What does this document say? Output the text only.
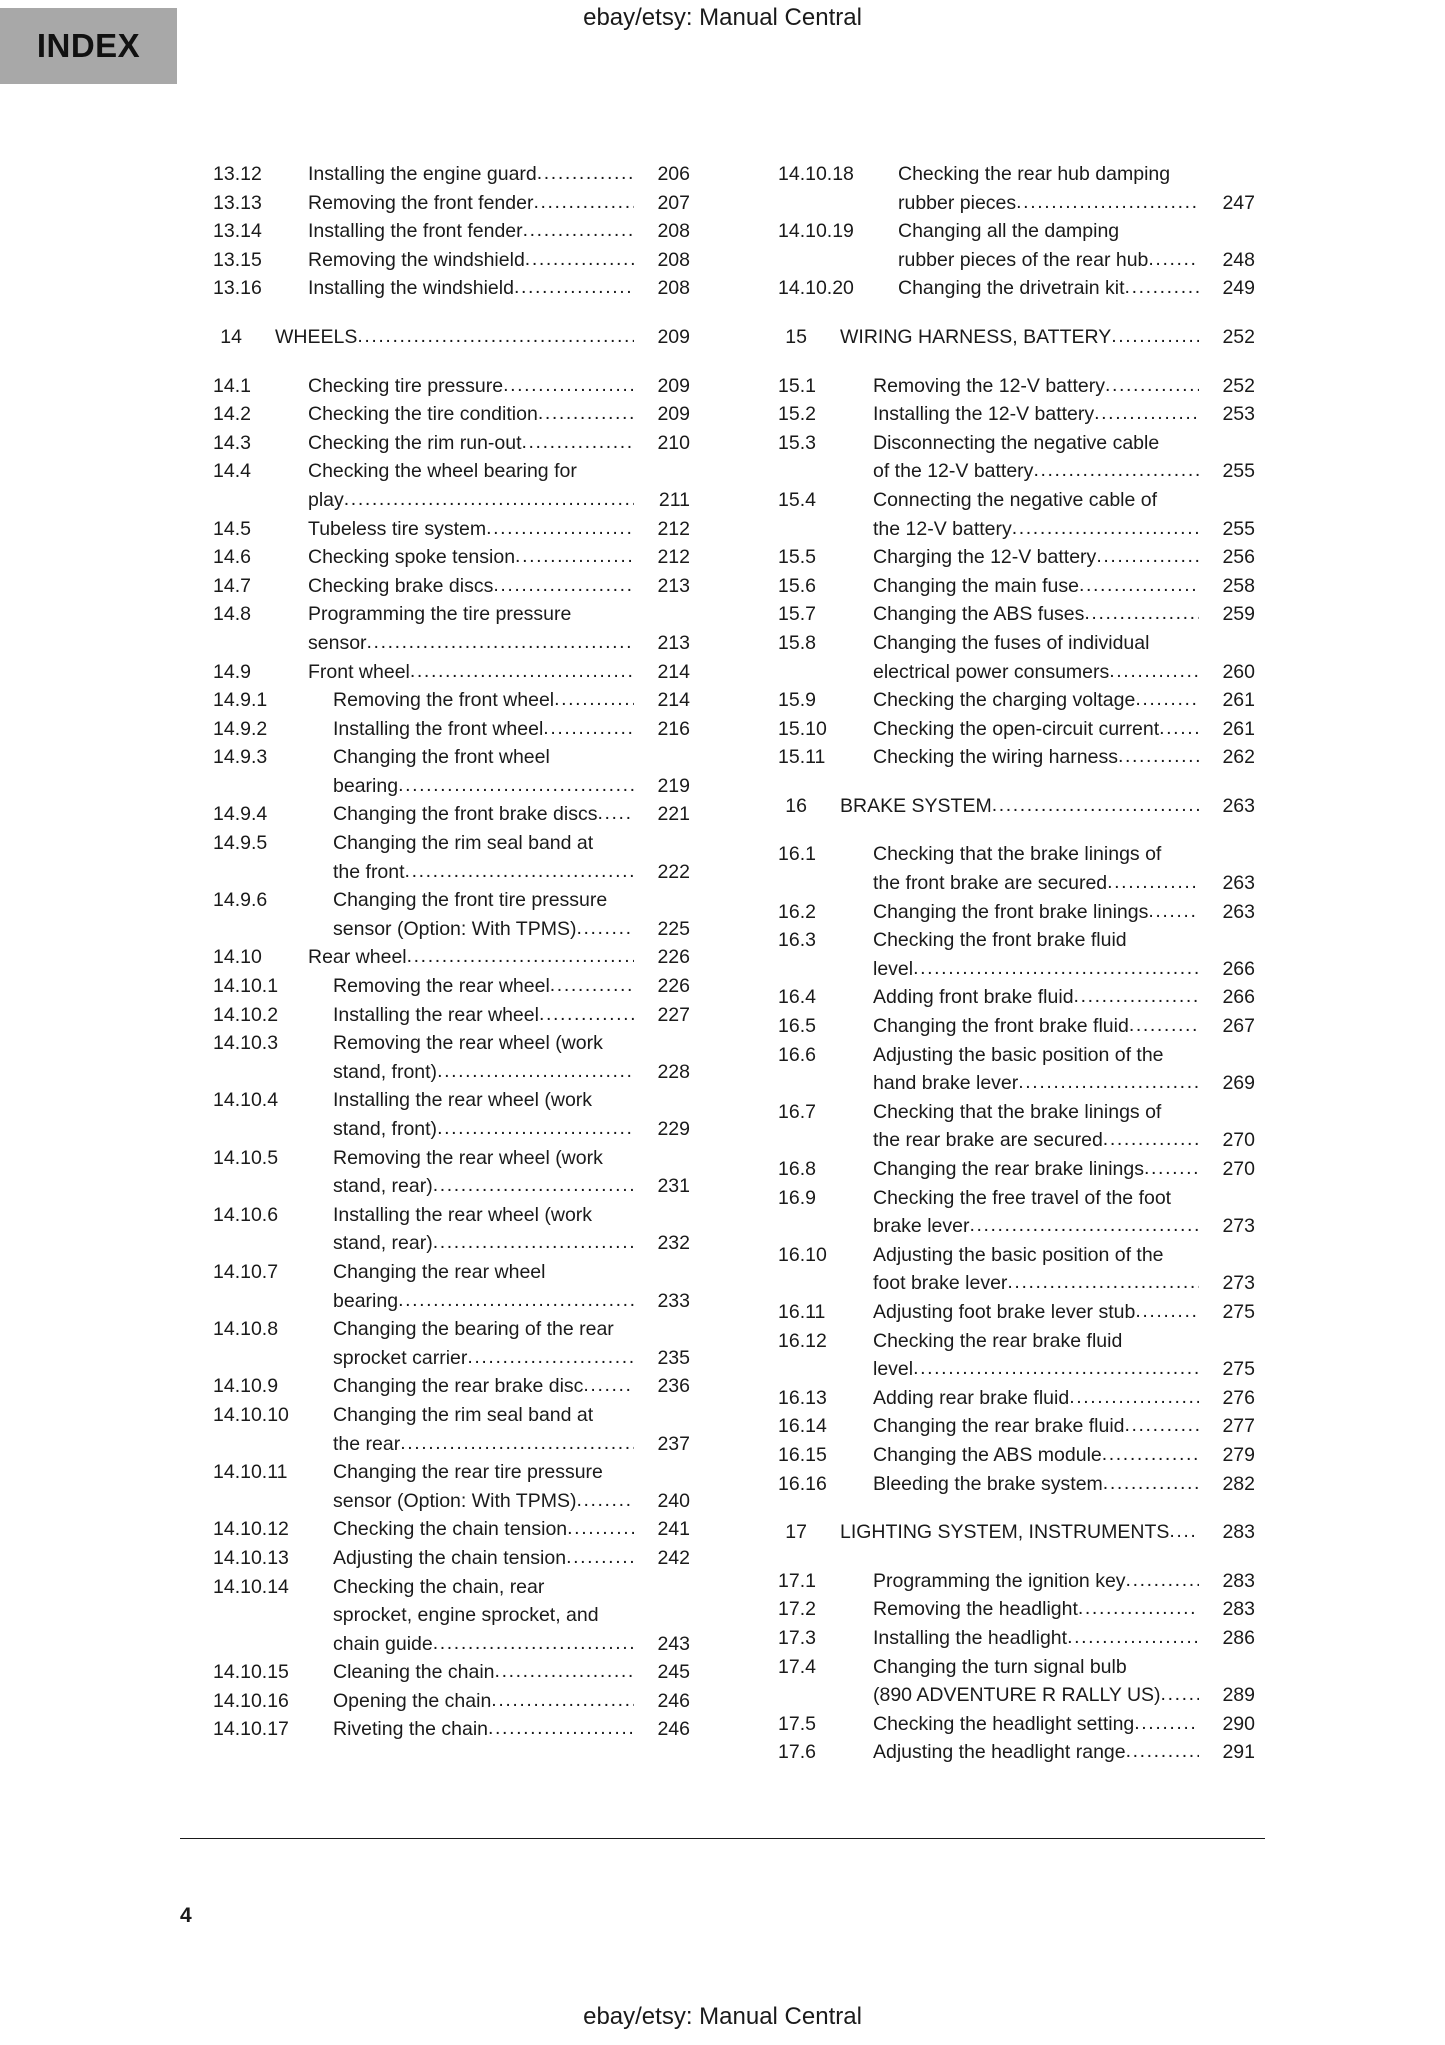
ebay/etsy: Manual Central
INDEX
13.12	Installing the engine guard .....	206
13.13	Removing the front fender .....	207
13.14	Installing the front fender .....	208
13.15	Removing the windshield .....	208
13.16	Installing the windshield .....	208
14 WHEELS .....	209
14.1	Checking tire pressure .....	209
14.2	Checking the tire condition .....	209
14.3	Checking the rim run-out .....	210
14.4	Checking the wheel bearing for
play .....	211
14.5	Tubeless tire system .....	212
14.6	Checking spoke tension .....	212
14.7	Checking brake discs .....	213
14.8	Programming the tire pressure
sensor .....	213
14.9	Front wheel .....	214
14.9.1	Removing the front wheel .....	214
14.9.2	Installing the front wheel .....	216
14.9.3	Changing the front wheel
bearing .....	219
14.9.4	Changing the front brake discs .....	221
14.9.5	Changing the rim seal band at
the front .....	222
14.9.6	Changing the front tire pressure
sensor (Option: With TPMS) .....	225
14.10	Rear wheel .....	226
14.10.1	Removing the rear wheel .....	226
14.10.2	Installing the rear wheel .....	227
14.10.3	Removing the rear wheel (work
stand, front) .....	228
14.10.4	Installing the rear wheel (work
stand, front) .....	229
14.10.5	Removing the rear wheel (work
stand, rear) .....	231
14.10.6	Installing the rear wheel (work
stand, rear) .....	232
14.10.7	Changing the rear wheel
bearing .....	233
14.10.8	Changing the bearing of the rear
sprocket carrier .....	235
14.10.9	Changing the rear brake disc .....	236
14.10.10	Changing the rim seal band at
the rear .....	237
14.10.11	Changing the rear tire pressure
sensor (Option: With TPMS) .....	240
14.10.12	Checking the chain tension .....	241
14.10.13	Adjusting the chain tension .....	242
14.10.14	Checking the chain, rear
sprocket, engine sprocket, and
chain guide .....	243
14.10.15	Cleaning the chain .....	245
14.10.16	Opening the chain .....	246
14.10.17	Riveting the chain .....	246
14.10.18	Checking the rear hub damping
rubber pieces .....	247
14.10.19	Changing all the damping
rubber pieces of the rear hub .....	248
14.10.20	Changing the drivetrain kit .....	249
15 WIRING HARNESS, BATTERY .....	252
15.1	Removing the 12-V battery .....	252
15.2	Installing the 12-V battery .....	253
15.3	Disconnecting the negative cable
of the 12-V battery .....	255
15.4	Connecting the negative cable of
the 12-V battery .....	255
15.5	Charging the 12-V battery .....	256
15.6	Changing the main fuse .....	258
15.7	Changing the ABS fuses .....	259
15.8	Changing the fuses of individual
electrical power consumers .....	260
15.9	Checking the charging voltage .....	261
15.10	Checking the open-circuit current .....	261
15.11	Checking the wiring harness .....	262
16 BRAKE SYSTEM .....	263
16.1	Checking that the brake linings of
the front brake are secured .....	263
16.2	Changing the front brake linings .....	263
16.3	Checking the front brake fluid
level .....	266
16.4	Adding front brake fluid .....	266
16.5	Changing the front brake fluid .....	267
16.6	Adjusting the basic position of the
hand brake lever .....	269
16.7	Checking that the brake linings of
the rear brake are secured .....	270
16.8	Changing the rear brake linings .....	270
16.9	Checking the free travel of the foot
brake lever .....	273
16.10	Adjusting the basic position of the
foot brake lever .....	273
16.11	Adjusting foot brake lever stub .....	275
16.12	Checking the rear brake fluid
level .....	275
16.13	Adding rear brake fluid .....	276
16.14	Changing the rear brake fluid .....	277
16.15	Changing the ABS module .....	279
16.16	Bleeding the brake system .....	282
17 LIGHTING SYSTEM, INSTRUMENTS .....	283
17.1	Programming the ignition key .....	283
17.2	Removing the headlight .....	283
17.3	Installing the headlight .....	286
17.4	Changing the turn signal bulb
(890 ADVENTURE R RALLY US) .....	289
17.5	Checking the headlight setting .....	290
17.6	Adjusting the headlight range .....	291
4
ebay/etsy: Manual Central
